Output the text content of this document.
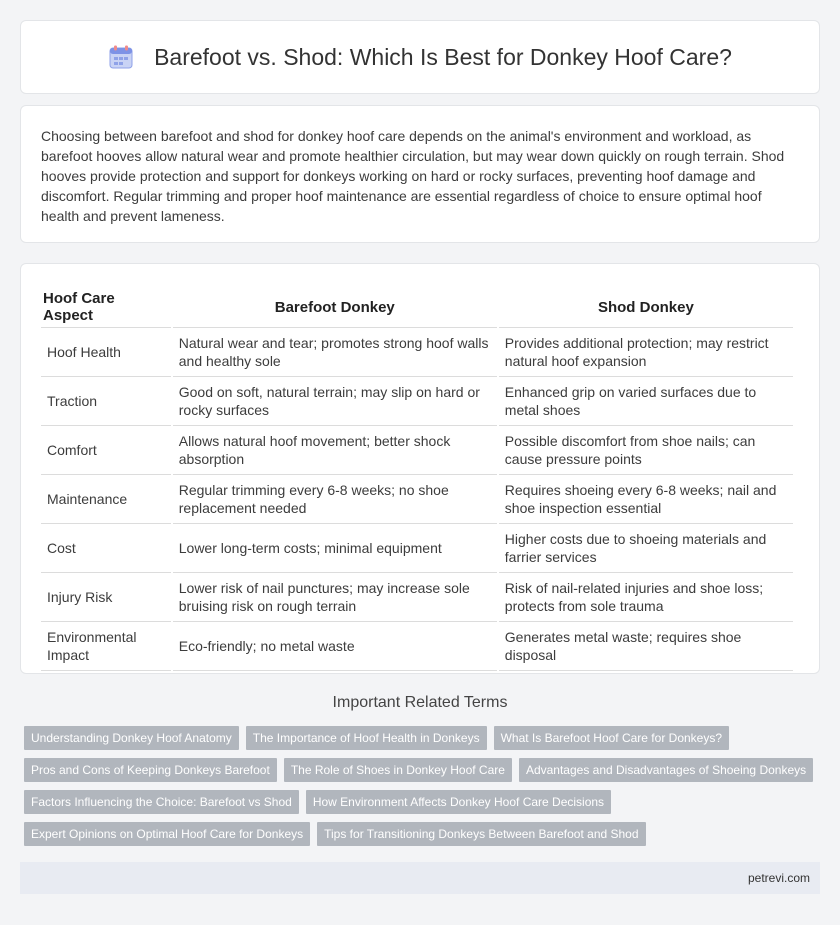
Barefoot vs. Shod: Which Is Best for Donkey Hoof Care?

Choosing between barefoot and shod for donkey hoof care depends on the animal's environment and workload, as barefoot hooves allow natural wear and promote healthier circulation, but may wear down quickly on rough terrain. Shod hooves provide protection and support for donkeys working on hard or rocky surfaces, preventing hoof damage and discomfort. Regular trimming and proper hoof maintenance are essential regardless of choice to ensure optimal hoof health and prevent lameness.

Hoof Care Aspect	Barefoot Donkey	Shod Donkey
Hoof Health	Natural wear and tear; promotes strong hoof walls and healthy sole	Provides additional protection; may restrict natural hoof expansion
Traction	Good on soft, natural terrain; may slip on hard or rocky surfaces	Enhanced grip on varied surfaces due to metal shoes
Comfort	Allows natural hoof movement; better shock absorption	Possible discomfort from shoe nails; can cause pressure points
Maintenance	Regular trimming every 6-8 weeks; no shoe replacement needed	Requires shoeing every 6-8 weeks; nail and shoe inspection essential
Cost	Lower long-term costs; minimal equipment	Higher costs due to shoeing materials and farrier services
Injury Risk	Lower risk of nail punctures; may increase sole bruising risk on rough terrain	Risk of nail-related injuries and shoe loss; protects from sole trauma
Environmental Impact	Eco-friendly; no metal waste	Generates metal waste; requires shoe disposal
Important Related Terms
Understanding Donkey Hoof Anatomy	The Importance of Hoof Health in Donkeys	What Is Barefoot Hoof Care for Donkeys?
Pros and Cons of Keeping Donkeys Barefoot	The Role of Shoes in Donkey Hoof Care	Advantages and Disadvantages of Shoeing Donkeys
Factors Influencing the Choice: Barefoot vs Shod	How Environment Affects Donkey Hoof Care Decisions
Expert Opinions on Optimal Hoof Care for Donkeys	Tips for Transitioning Donkeys Between Barefoot and Shod
petrevi.com
